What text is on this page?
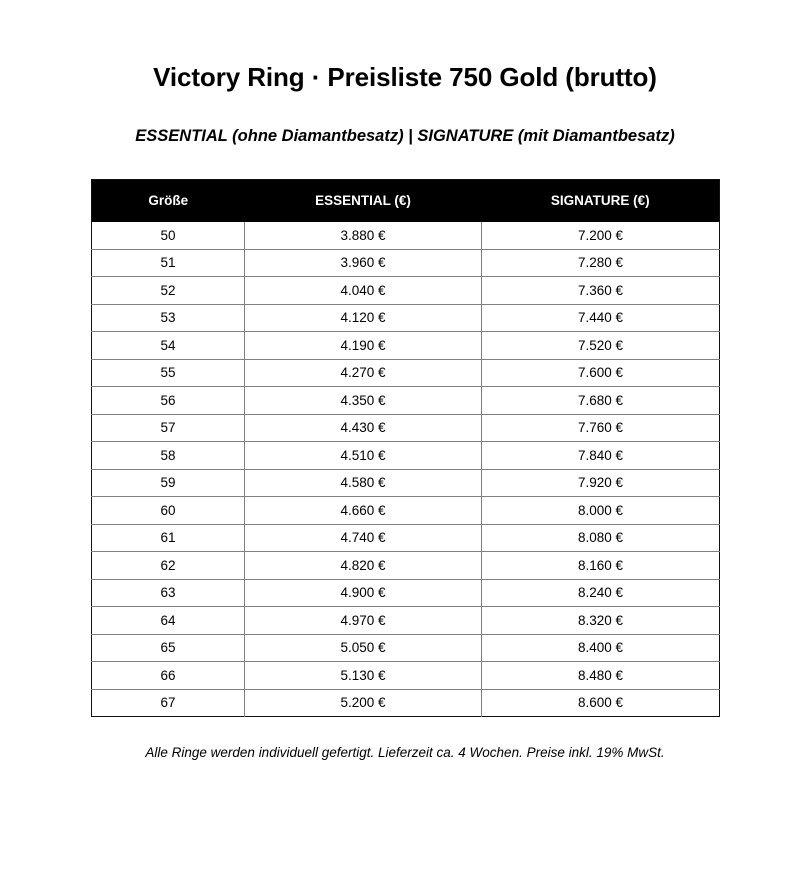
Victory Ring · Preisliste 750 Gold (brutto)

ESSENTIAL (ohne Diamantbesatz) | SIGNATURE (mit Diamantbesatz)

Größe	ESSENTIAL (€)	SIGNATURE (€)
50	3.880 €	7.200 €
51	3.960 €	7.280 €
52	4.040 €	7.360 €
53	4.120 €	7.440 €
54	4.190 €	7.520 €
55	4.270 €	7.600 €
56	4.350 €	7.680 €
57	4.430 €	7.760 €
58	4.510 €	7.840 €
59	4.580 €	7.920 €
60	4.660 €	8.000 €
61	4.740 €	8.080 €
62	4.820 €	8.160 €
63	4.900 €	8.240 €
64	4.970 €	8.320 €
65	5.050 €	8.400 €
66	5.130 €	8.480 €
67	5.200 €	8.600 €

Alle Ringe werden individuell gefertigt. Lieferzeit ca. 4 Wochen. Preise inkl. 19% MwSt.
